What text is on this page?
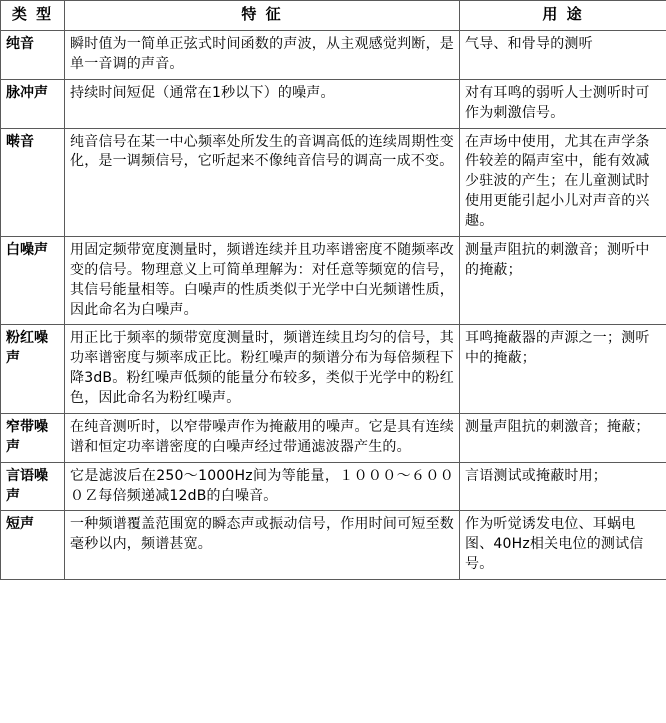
类 型	特 征	用 途
纯音	瞬时值为一简单正弦式时间函数的声波，从主观感觉判断，是单一音调的声音。	气导、和骨导的测听
脉冲声	持续时间短促（通常在1秒以下）的噪声。	对有耳鸣的弱听人士测听时可作为刺激信号。
啭音	纯音信号在某一中心频率处所发生的音调高低的连续周期性变化，是一调频信号，它听起来不像纯音信号的调高一成不变。	在声场中使用，尤其在声学条件较差的隔声室中，能有效减少驻波的产生；在儿童测试时使用更能引起小儿对声音的兴趣。
白噪声	用固定频带宽度测量时，频谱连续并且功率谱密度不随频率改变的信号。物理意义上可简单理解为：对任意等频宽的信号，其信号能量相等。白噪声的性质类似于光学中白光频谱性质，因此命名为白噪声。	测量声阻抗的刺激音；测听中的掩蔽；
粉红噪声	用正比于频率的频带宽度测量时，频谱连续且均匀的信号，其功率谱密度与频率成正比。粉红噪声的频谱分布为每倍频程下降3dB。粉红噪声低频的能量分布较多，类似于光学中的粉红色，因此命名为粉红噪声。	耳鸣掩蔽器的声源之一；测听中的掩蔽；
窄带噪声	在纯音测听时，以窄带噪声作为掩蔽用的噪声。它是具有连续谱和恒定功率谱密度的白噪声经过带通滤波器产生的。	测量声阻抗的刺激音；掩蔽；
言语噪声	它是滤波后在250～1000Hz间为等能量，１０００～６０００Ｚ每倍频递减12dB的白噪音。	言语测试或掩蔽时用；
短声	一种频谱覆盖范围宽的瞬态声或振动信号，作用时间可短至数毫秒以内，频谱甚宽。	作为听觉诱发电位、耳蜗电图、40Hz相关电位的测试信号。
